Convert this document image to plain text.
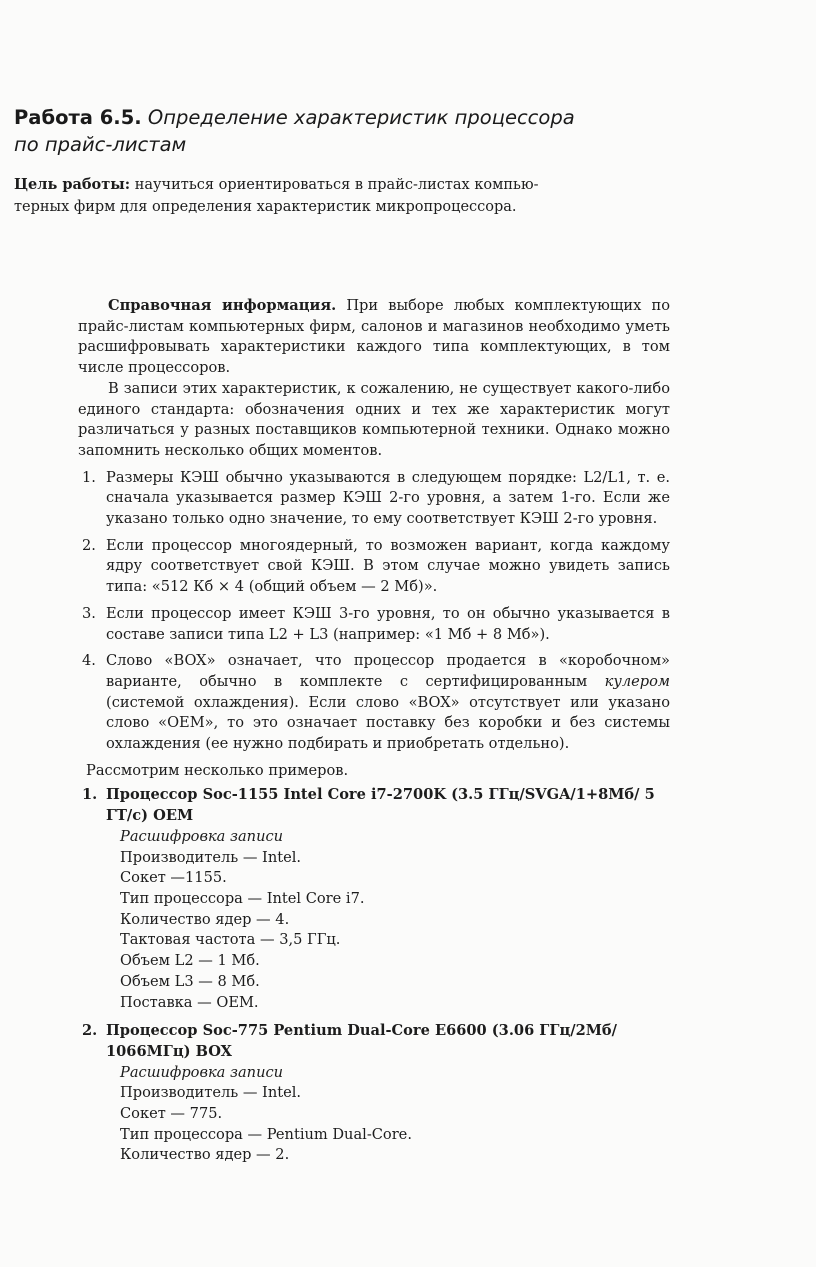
Работа 6.5. Определение характеристик процессора
по прайс-листам

Цель работы: научиться ориентироваться в прайс-листах компью-
терных фирм для определения характеристик микропроцессора.

Справочная информация. При выборе любых комплектующих по прайс-листам компьютерных фирм, салонов и магазинов необходимо уметь расшифровывать характеристики каждого типа комплектующих, в том числе процессоров.

В записи этих характеристик, к сожалению, не существует какого-либо единого стандарта: обозначения одних и тех же характеристик могут различаться у разных поставщиков компьютерной техники. Однако можно запомнить несколько общих моментов.

1. Размеры КЭШ обычно указываются в следующем порядке: L2/L1, т. е. сначала указывается размер КЭШ 2-го уровня, а затем 1-го. Если же указано только одно значение, то ему соответствует КЭШ 2-го уровня.
2. Если процессор многоядерный, то возможен вариант, когда каждому ядру соответствует свой КЭШ. В этом случае можно увидеть запись типа: «512 Кб × 4 (общий объем — 2 Мб)».
3. Если процессор имеет КЭШ 3-го уровня, то он обычно указывается в составе записи типа L2 + L3 (например: «1 Мб + 8 Мб»).
4. Слово «BOX» означает, что процессор продается в «коробочном» варианте, обычно в комплекте с сертифицированным кулером (системой охлаждения). Если слово «BOX» отсутствует или указано слово «OEM», то это означает поставку без коробки и без системы охлаждения (ее нужно подбирать и приобретать отдельно).

Рассмотрим несколько примеров.

1. Процессор Soc-1155 Intel Core i7-2700K (3.5 ГГц/SVGA/1+8Мб/ 5 ГТ/с) OEM

Расшифровка записи
Производитель — Intel.
Сокет —1155.
Тип процессора — Intel Core i7.
Количество ядер — 4.
Тактовая частота — 3,5 ГГц.
Объем L2 — 1 Мб.
Объем L3 — 8 Мб.
Поставка — OEM.
2. Процессор Soc-775 Pentium Dual-Core E6600 (3.06 ГГц/2Мб/ 1066МГц) BOX

Расшифровка записи
Производитель — Intel.
Сокет — 775.
Тип процессора — Pentium Dual-Core.
Количество ядер — 2.
